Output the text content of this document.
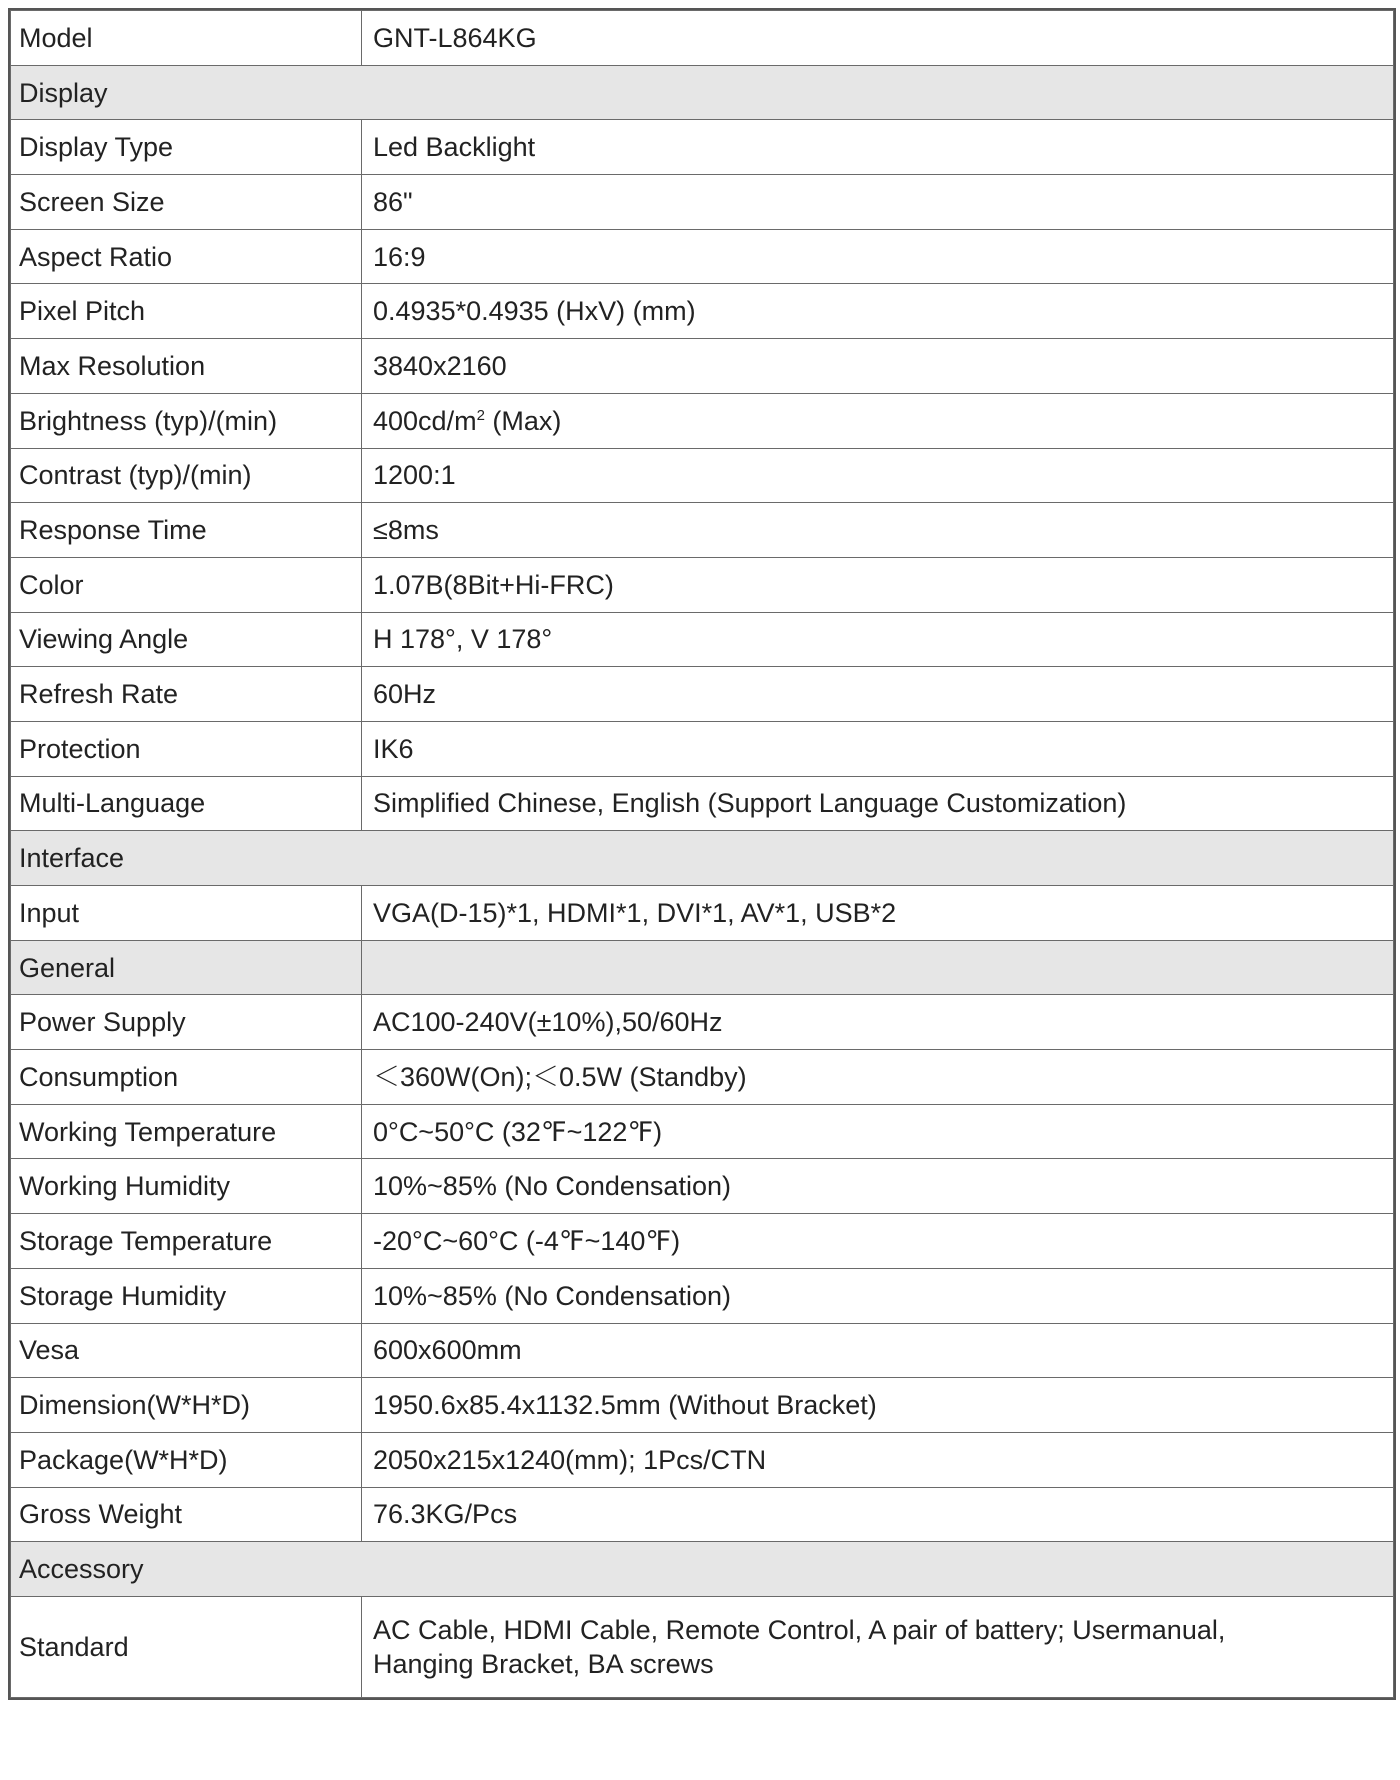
Model	GNT-L864KG
Display	
Display Type	Led Backlight
Screen Size	86"
Aspect Ratio	16:9
Pixel Pitch	0.4935*0.4935 (HxV) (mm)
Max Resolution	3840x2160
Brightness (typ)/(min)	$400cd/m^2$ (Max)
Contrast (typ)/(min)	1200:1
Response Time	≤8ms
Color	1.07B(8Bit+Hi-FRC)
Viewing Angle	H 178°, V 178°
Refresh Rate	60Hz
Protection	IK6
Multi-Language	Simplified Chinese, English (Support Language Customization)
Interface	
Input	VGA(D-15)*1, HDMI*1, DVI*1, AV*1, USB*2
General	
Power Supply	AC100-240V(±10%),50/60Hz
Consumption	＜360W(On);＜0.5W (Standby)
Working Temperature	0°C~50°C (32℉~122℉)
Working Humidity	10%~85% (No Condensation)
Storage Temperature	-20°C~60°C (-4℉~140℉)
Storage Humidity	10%~85% (No Condensation)
Vesa	600x600mm
Dimension(W*H*D)	1950.6x85.4x1132.5mm (Without Bracket)
Package(W*H*D)	2050x215x1240(mm); 1Pcs/CTN
Gross Weight	76.3KG/Pcs
Accessory	
Standard	AC Cable, HDMI Cable, Remote Control, A pair of battery; Usermanual,
Hanging Bracket, BA screws
